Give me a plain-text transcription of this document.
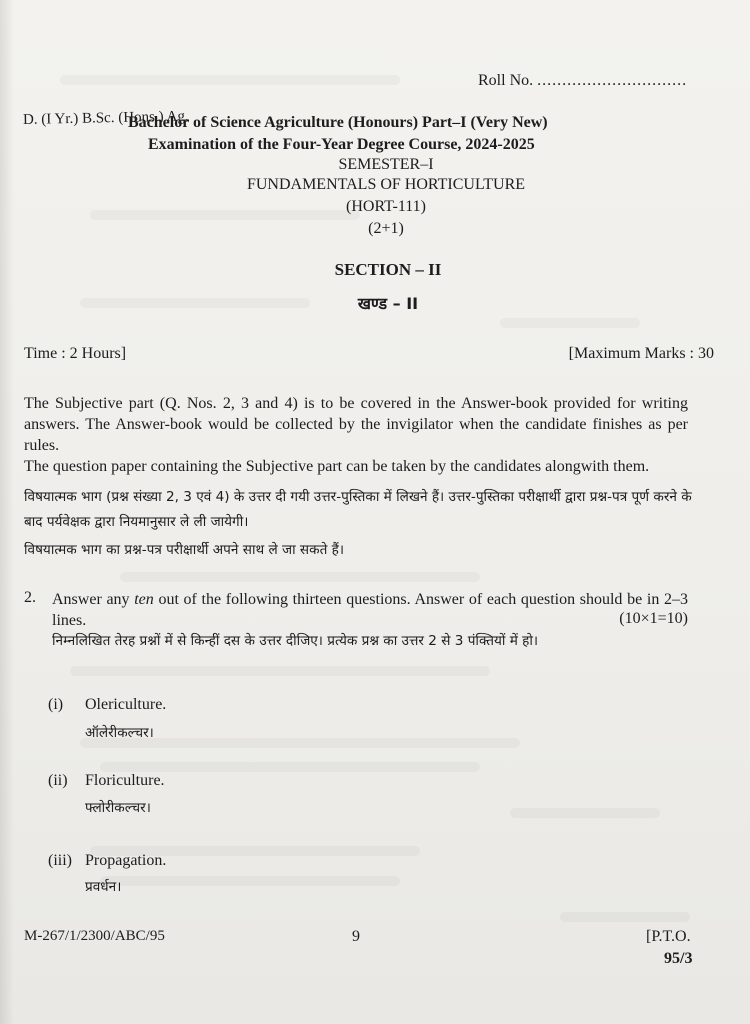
Roll No. ..............................
D. (I Yr.) B.Sc. (Hons.) Ag.
Bachelor of Science Agriculture (Honours) Part–I (Very New)
Examination of the Four-Year Degree Course, 2024-2025
SEMESTER–I
FUNDAMENTALS OF HORTICULTURE
(HORT-111)
(2+1)
SECTION – II
खण्ड – II
Time : 2 Hours]	[Maximum Marks : 30
The Subjective part (Q. Nos. 2, 3 and 4) is to be covered in the Answer-book provided for writing answers. The Answer-book would be collected by the invigilator when the candidate finishes as per rules.
The question paper containing the Subjective part can be taken by the candidates alongwith them.
विषयात्मक भाग (प्रश्न संख्या 2, 3 एवं 4) के उत्तर दी गयी उत्तर-पुस्तिका में लिखने हैं। उत्तर-पुस्तिका परीक्षार्थी द्वारा प्रश्न-पत्र पूर्ण करने के बाद पर्यवेक्षक द्वारा नियमानुसार ले ली जायेगी।
विषयात्मक भाग का प्रश्न-पत्र परीक्षार्थी अपने साथ ले जा सकते हैं।
2. Answer any ten out of the following thirteen questions. Answer of each question should be in 2–3 lines.	(10×1=10)
निम्नलिखित तेरह प्रश्नों में से किन्हीं दस के उत्तर दीजिए। प्रत्येक प्रश्न का उत्तर 2 से 3 पंक्तियों में हो।
(i) Olericulture.
ऑलेरीकल्चर।
(ii) Floriculture.
फ्लोरीकल्चर।
(iii) Propagation.
प्रवर्धन।
M-267/1/2300/ABC/95	9	[P.T.O.
95/3
